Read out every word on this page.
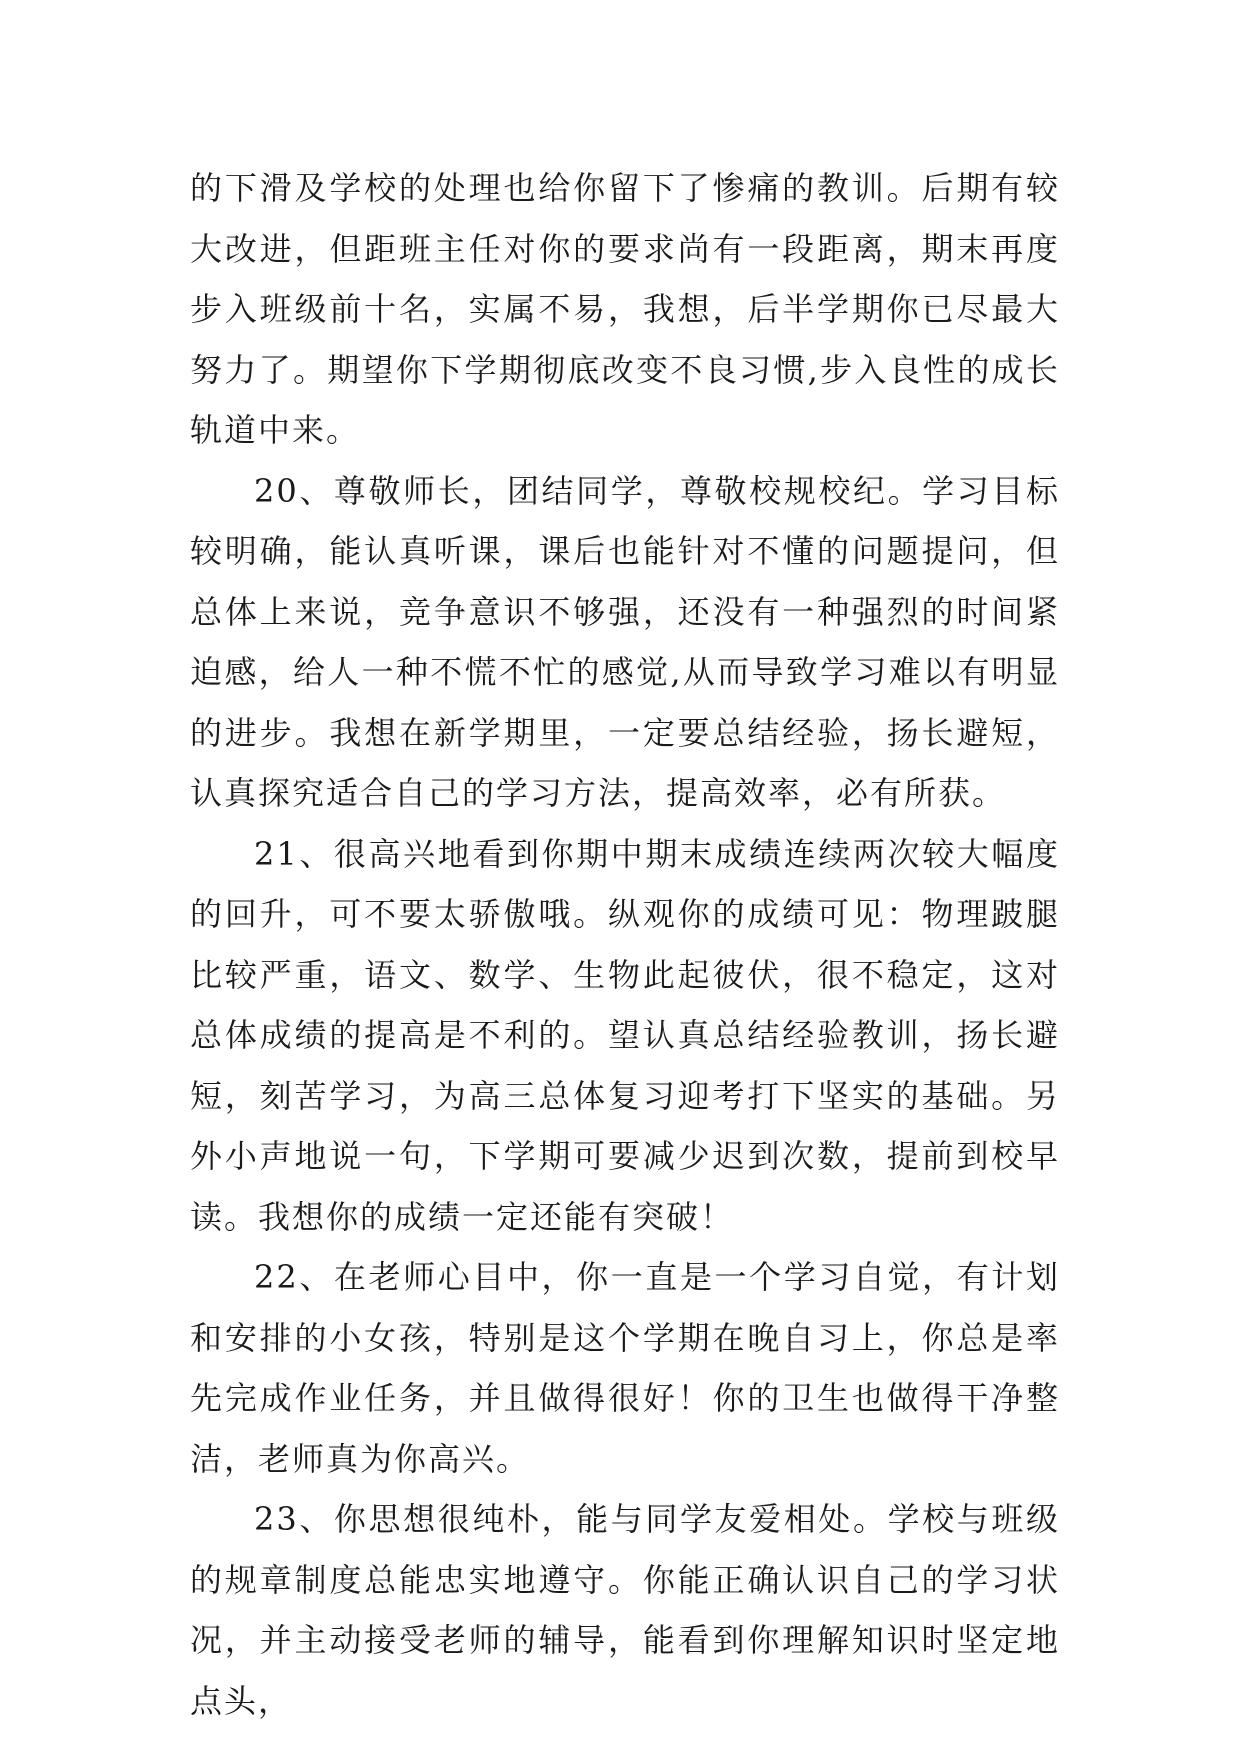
的下滑及学校的处理也给你留下了惨痛的教训。后期有较大改进，但距班主任对你的要求尚有一段距离，期末再度步入班级前十名，实属不易，我想，后半学期你已尽最大努力了。期望你下学期彻底改变不良习惯,步入良性的成长轨道中来。

20、尊敬师长，团结同学，尊敬校规校纪。学习目标较明确，能认真听课，课后也能针对不懂的问题提问，但总体上来说，竞争意识不够强，还没有一种强烈的时间紧迫感，给人一种不慌不忙的感觉,从而导致学习难以有明显的进步。我想在新学期里，一定要总结经验，扬长避短，认真探究适合自己的学习方法，提高效率，必有所获。

21、很高兴地看到你期中期末成绩连续两次较大幅度的回升，可不要太骄傲哦。纵观你的成绩可见：物理跛腿比较严重，语文、数学、生物此起彼伏，很不稳定，这对总体成绩的提高是不利的。望认真总结经验教训，扬长避短，刻苦学习，为高三总体复习迎考打下坚实的基础。另外小声地说一句，下学期可要减少迟到次数，提前到校早读。我想你的成绩一定还能有突破！

22、在老师心目中，你一直是一个学习自觉，有计划和安排的小女孩，特别是这个学期在晚自习上，你总是率先完成作业任务，并且做得很好！你的卫生也做得干净整洁，老师真为你高兴。

23、你思想很纯朴，能与同学友爱相处。学校与班级的规章制度总能忠实地遵守。你能正确认识自己的学习状况，并主动接受老师的辅导，能看到你理解知识时坚定地点头，
